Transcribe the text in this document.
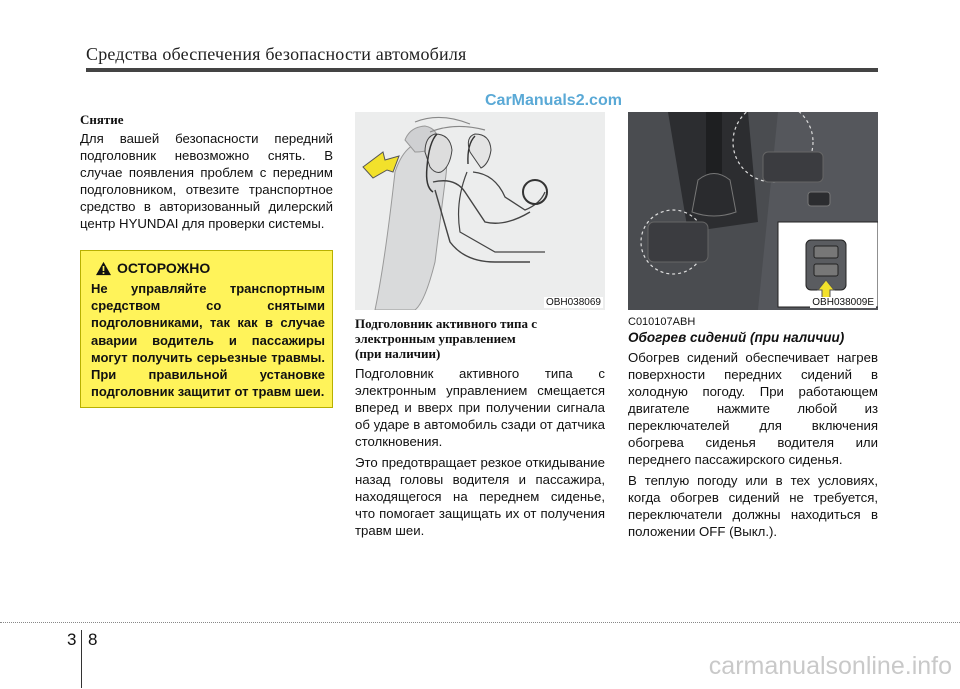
Средства обеспечения безопасности автомобиля
CarManuals2.com

Снятие

Для вашей безопасности передний подголовник невозможно снять. В случае появления проблем с передним подголовником, отвезите транспортное средство в авторизованный дилерский центр HYUNDAI для проверки системы.

ОСТОРОЖНО

Не управляйте транспортным средством со снятыми подголовниками, так как в случае аварии водитель и пассажиры могут получить серьезные травмы. При правильной установке подголовник защитит от травм шеи.

OBH038069	OBH038009E

Подголовник активного типа с
электронным управлением
(при наличии)

Подголовник активного типа с электронным управлением смещается вперед и вверх при получении сигнала об ударе в автомобиль сзади от датчика столкновения.

Это предотвращает резкое откидывание назад головы водителя и пассажира, находящегося на переднем сиденье, что помогает защищать их от получения травм шеи.

C010107ABH

Обогрев сидений (при наличии)

Обогрев сидений обеспечивает нагрев поверхности передних сидений в холодную погоду. При работающем двигателе нажмите любой из переключателей для включения обогрева сиденья водителя или переднего пассажирского сиденья.

В теплую погоду или в тех условиях, когда обогрев сидений не требуется, переключатели должны находиться в положении OFF (Выкл.).

3 8
carmanualsonline.info
